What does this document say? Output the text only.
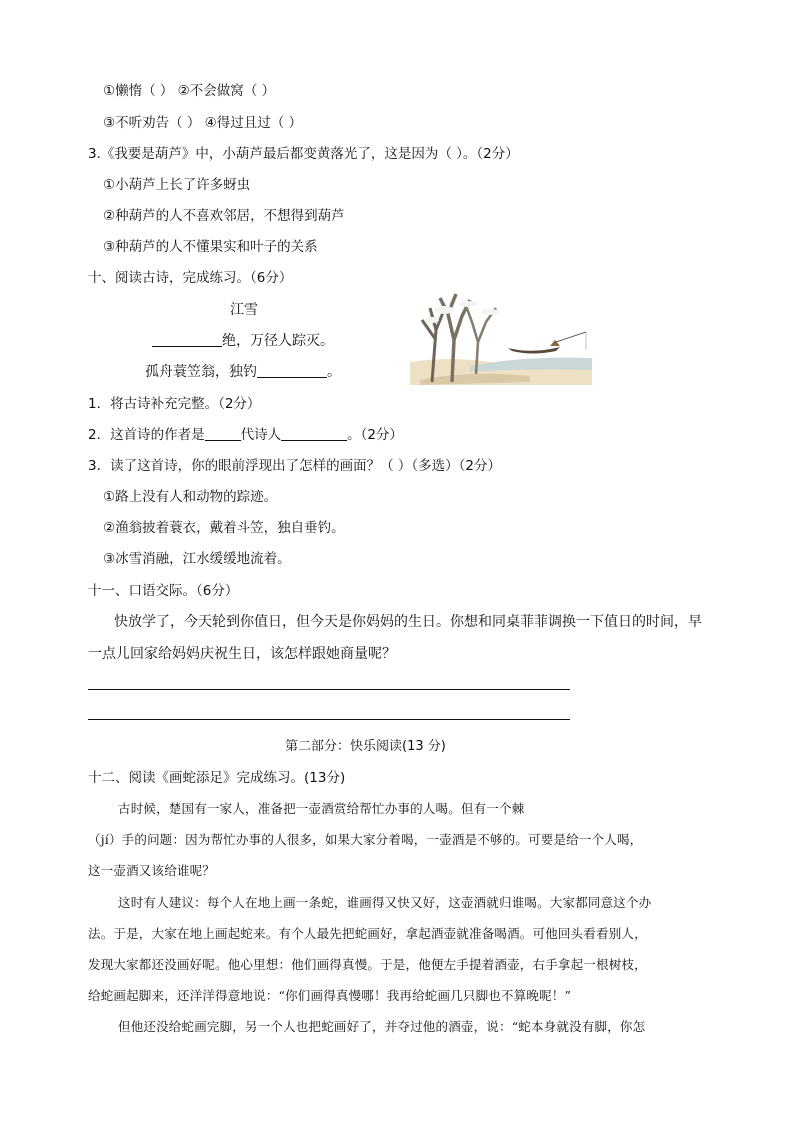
①懒惰（ ） ②不会做窝（ ）
③不听劝告（ ） ④得过且过（ ）
3.《我要是葫芦》中，小葫芦最后都变黄落光了，这是因为（ ）。（2分）
①小葫芦上长了许多蚜虫
②种葫芦的人不喜欢邻居，不想得到葫芦
③种葫芦的人不懂果实和叶子的关系
十、阅读古诗，完成练习。（6分）
江雪
绝，万径人踪灭。
孤舟蓑笠翁，独钓	。
1．将古诗补充完整。（2分）
2．这首诗的作者是	代诗人	。（2分）
3．读了这首诗，你的眼前浮现出了怎样的画面？（ ）（多选）（2分）
①路上没有人和动物的踪迹。
②渔翁披着蓑衣，戴着斗笠，独自垂钓。
③冰雪消融，江水缓缓地流着。
十一、口语交际。（6分）
快放学了，今天轮到你值日，但今天是你妈妈的生日。你想和同桌菲菲调换一下值日的时间，早
一点儿回家给妈妈庆祝生日，该怎样跟她商量呢？
第二部分：快乐阅读(13 分)
十二、阅读《画蛇添足》完成练习。(13分)
古时候，楚国有一家人，准备把一壶酒赏给帮忙办事的人喝。但有一个棘
（jí）手的问题：因为帮忙办事的人很多，如果大家分着喝，一壶酒是不够的。可要是给一个人喝，
这一壶酒又该给谁呢？
这时有人建议：每个人在地上画一条蛇，谁画得又快又好，这壶酒就归谁喝。大家都同意这个办
法。于是，大家在地上画起蛇来。有个人最先把蛇画好，拿起酒壶就准备喝酒。可他回头看看别人，
发现大家都还没画好呢。他心里想：他们画得真慢。于是，他便左手提着酒壶，右手拿起一根树枝，
给蛇画起脚来，还洋洋得意地说：“你们画得真慢哪！我再给蛇画几只脚也不算晚呢！”
但他还没给蛇画完脚，另一个人也把蛇画好了，并夺过他的酒壶，说：“蛇本身就没有脚，你怎
